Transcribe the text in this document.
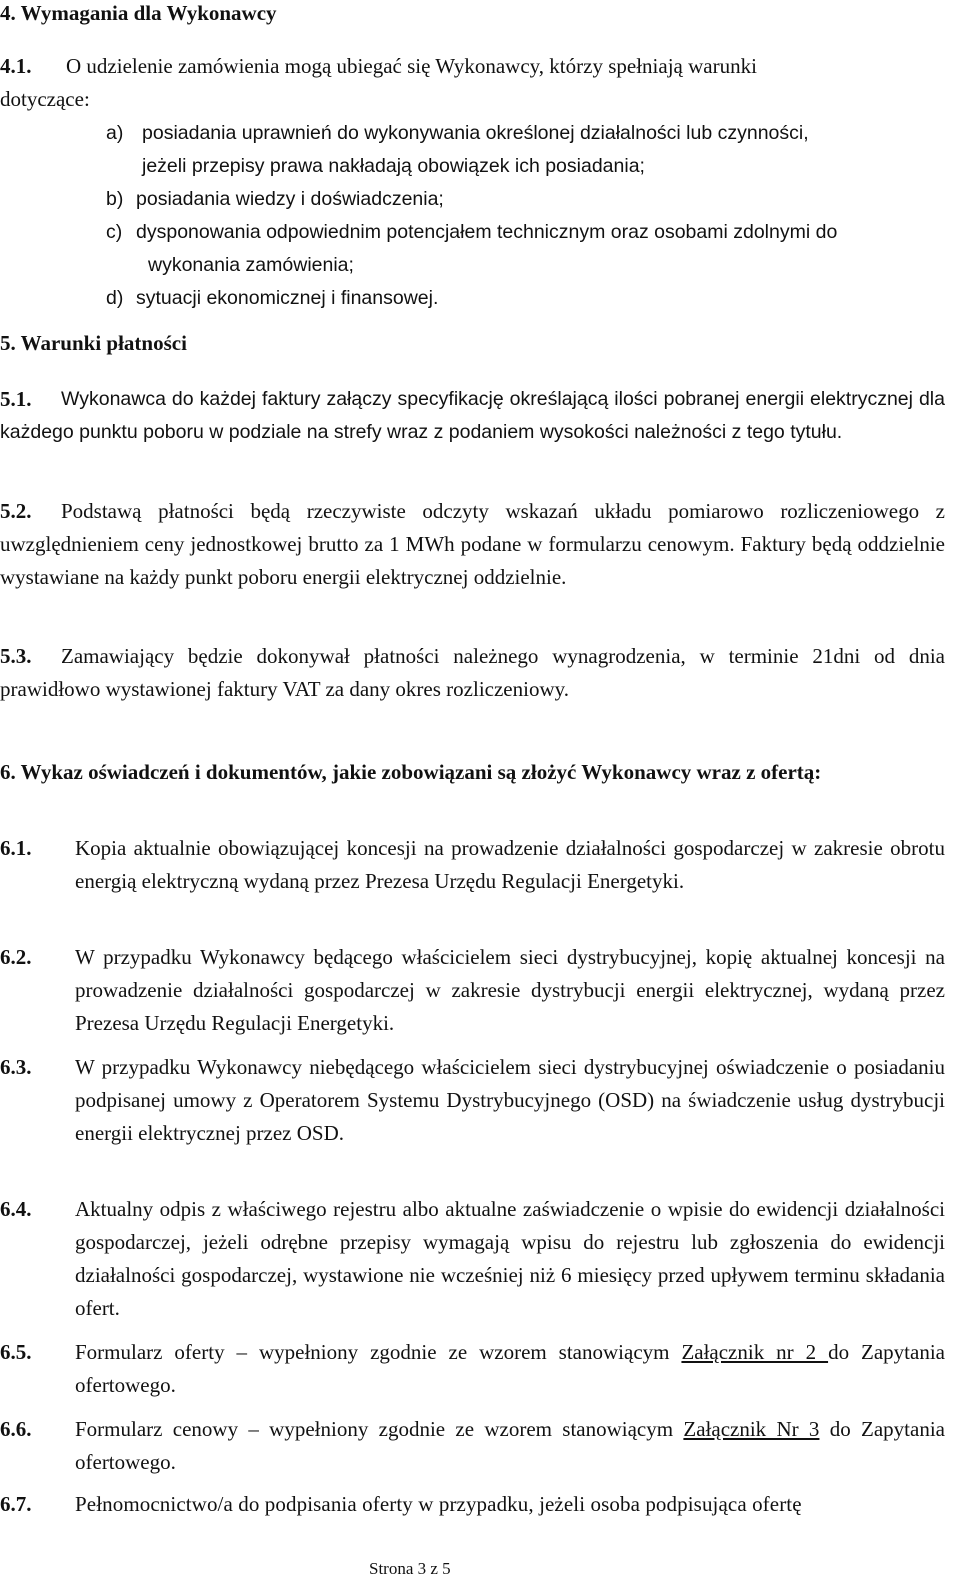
4. Wymagania dla Wykonawcy
4.1. O udzielenie zamówienia mogą ubiegać się Wykonawcy, którzy spełniają warunki
dotyczące:
a) posiadania uprawnień do wykonywania określonej działalności lub czynności,
jeżeli przepisy prawa nakładają obowiązek ich posiadania;
b) posiadania wiedzy i doświadczenia;
c) dysponowania odpowiednim potencjałem technicznym oraz osobami zdolnymi do
wykonania zamówienia;
d) sytuacji ekonomicznej i finansowej.
5. Warunki płatności
5.1.	Wykonawca do każdej faktury załączy specyfikację określającą ilości pobranej energii elektrycznej dla każdego punktu poboru w podziale na strefy wraz z podaniem wysokości należności z tego tytułu.
5.2.	Podstawą płatności będą rzeczywiste odczyty wskazań układu pomiarowo rozliczeniowego z uwzględnieniem ceny jednostkowej brutto za 1 MWh podane w formularzu cenowym. Faktury będą oddzielnie wystawiane na każdy punkt poboru energii elektrycznej oddzielnie.
5.3.	Zamawiający będzie dokonywał płatności należnego wynagrodzenia, w terminie 21dni od dnia prawidłowo wystawionej faktury VAT za dany okres rozliczeniowy.
6. Wykaz oświadczeń i dokumentów, jakie zobowiązani są złożyć Wykonawcy wraz z ofertą:
6.1. Kopia aktualnie obowiązującej koncesji na prowadzenie działalności gospodarczej w zakresie obrotu energią elektryczną wydaną przez Prezesa Urzędu Regulacji Energetyki.
6.2. W przypadku Wykonawcy będącego właścicielem sieci dystrybucyjnej, kopię aktualnej koncesji na prowadzenie działalności gospodarczej w zakresie dystrybucji energii elektrycznej, wydaną przez Prezesa Urzędu Regulacji Energetyki.
6.3. W przypadku Wykonawcy niebędącego właścicielem sieci dystrybucyjnej oświadczenie o posiadaniu podpisanej umowy z Operatorem Systemu Dystrybucyjnego (OSD) na świadczenie usług dystrybucji energii elektrycznej przez OSD.
6.4. Aktualny odpis z właściwego rejestru albo aktualne zaświadczenie o wpisie do ewidencji działalności gospodarczej, jeżeli odrębne przepisy wymagają wpisu do rejestru lub zgłoszenia do ewidencji działalności gospodarczej, wystawione nie wcześniej niż 6 miesięcy przed upływem terminu składania ofert.
6.5. Formularz oferty – wypełniony zgodnie ze wzorem stanowiącym Załącznik nr 2 do Zapytania ofertowego.
6.6. Formularz cenowy – wypełniony zgodnie ze wzorem stanowiącym Załącznik Nr 3 do Zapytania ofertowego.
6.7. Pełnomocnictwo/a do podpisania oferty w przypadku, jeżeli osoba podpisująca ofertę
Strona 3 z 5
